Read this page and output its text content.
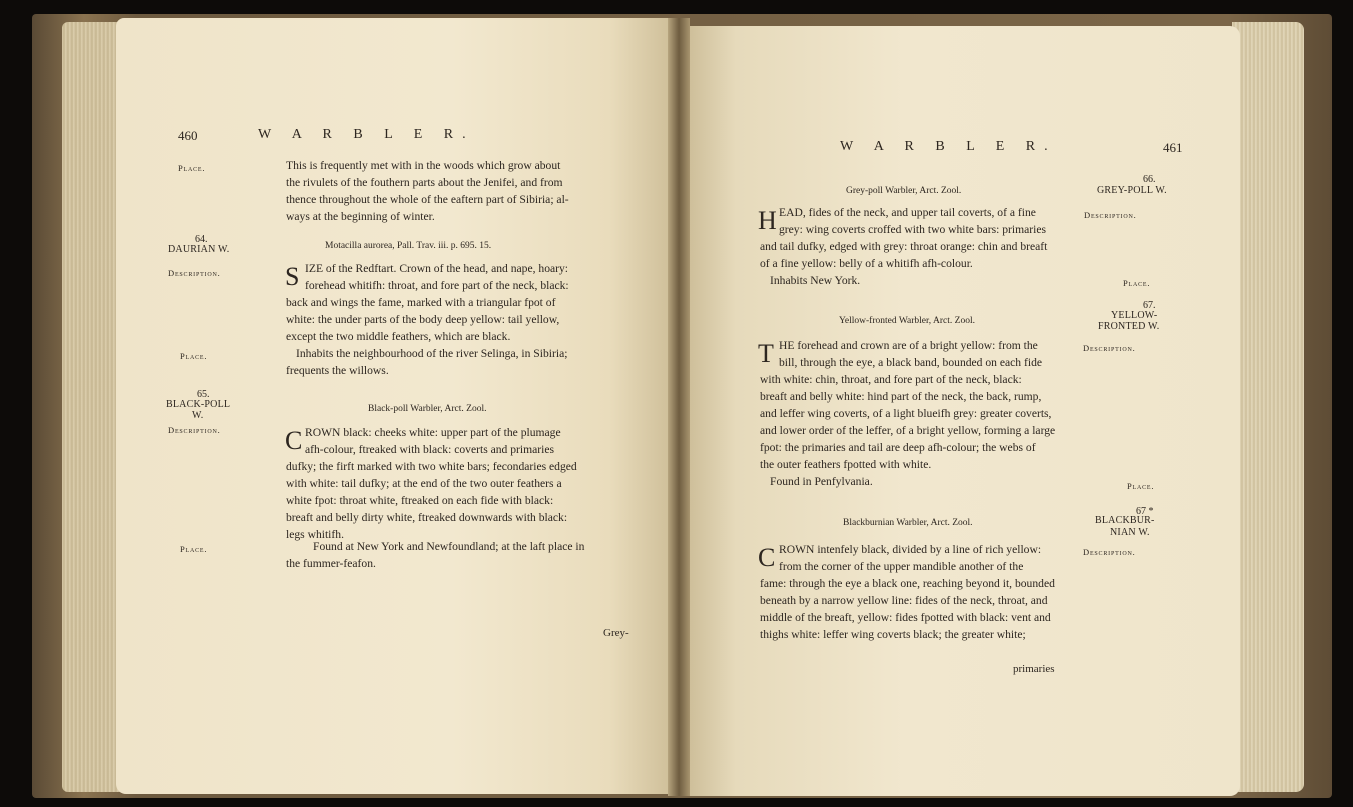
460	W A R B L E R.
Place.	This is frequently met with in the woods which grow about
the rivulets of the fouthern parts about the Jenifei, and from
thence throughout the whole of the eaftern part of Sibiria; al-
ways at the beginning of winter.
64.
DAURIAN W.	Motacilla aurorea, Pall. Trav. iii. p. 695. 15.
Description. S IZE of the Redftart. Crown of the head, and nape, hoary:
forehead whitifh: throat, and fore part of the neck, black:
back and wings the fame, marked with a triangular fpot of
white: the under parts of the body deep yellow: tail yellow,
except the two middle feathers, which are black.
Place.	Inhabits the neighbourhood of the river Selinga, in Sibiria;
frequents the willows.
65.
BLACK-POLL
W.
Black-poll Warbler, Arct. Zool.
Description. C ROWN black: cheeks white: upper part of the plumage
afh-colour, ftreaked with black: coverts and primaries
dufky; the firft marked with two white bars; fecondaries edged
with white: tail dufky; at the end of the two outer feathers a
white fpot: throat white, ftreaked on each fide with black:
breaft and belly dirty white, ftreaked downwards with black:
legs whitifh.
Place.	Found at New York and Newfoundland; at the laft place in
the fummer-feafon.
Grey-
W A R B L E R.	461
Grey-poll Warbler, Arct. Zool.
66.
GREY-POLL W.
H EAD, fides of the neck, and upper tail coverts, of a fine	Description.
grey: wing coverts croffed with two white bars: primaries
and tail dufky, edged with grey: throat orange: chin and breaft
of a fine yellow: belly of a whitifh afh-colour.
Inhabits New York.	Place.
Yellow-fronted Warbler, Arct. Zool.
67.
YELLOW-
FRONTED W.
T HE forehead and crown are of a bright yellow: from the	Description.
bill, through the eye, a black band, bounded on each fide
with white: chin, throat, and fore part of the neck, black:
breaft and belly white: hind part of the neck, the back, rump,
and leffer wing coverts, of a light blueifh grey: greater coverts,
and lower order of the leffer, of a bright yellow, forming a large
fpot: the primaries and tail are deep afh-colour; the webs of
the outer feathers fpotted with white.
Found in Penfylvania.	Place.
Blackburnian Warbler, Arct. Zool.
67 *
BLACKBUR-
NIAN W.
Description.
C ROWN intenfely black, divided by a line of rich yellow:
from the corner of the upper mandible another of the
fame: through the eye a black one, reaching beyond it, bounded
beneath by a narrow yellow line: fides of the neck, throat, and
middle of the breaft, yellow: fides fpotted with black: vent and
thighs white: leffer wing coverts black; the greater white;
primaries
